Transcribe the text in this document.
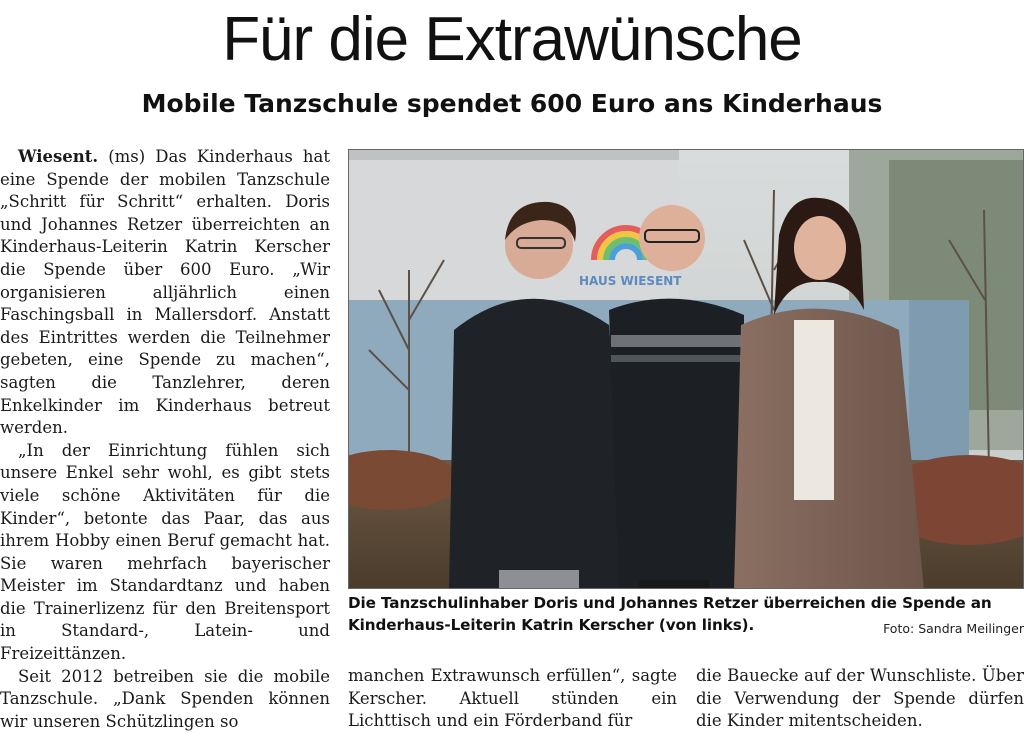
Für die Extrawünsche
Mobile Tanzschule spendet 600 Euro ans Kinderhaus

Wiesent. (ms) Das Kinderhaus hat eine Spende der mobilen Tanzschule „Schritt für Schritt“ erhalten. Doris und Johannes Retzer überreichten an Kinderhaus-Leiterin Katrin Kerscher die Spende über 600 Euro. „Wir organisieren alljährlich einen Faschingsball in Mallersdorf. Anstatt des Eintrittes werden die Teilnehmer gebeten, eine Spende zu machen“, sagten die Tanzlehrer, deren Enkelkinder im Kinderhaus betreut werden.

„In der Einrichtung fühlen sich unsere Enkel sehr wohl, es gibt stets viele schöne Aktivitäten für die Kinder“, betonte das Paar, das aus ihrem Hobby einen Beruf gemacht hat. Sie waren mehrfach bayerischer Meister im Standardtanz und haben die Trainerlizenz für den Breitensport in Standard-, Latein- und Freizeittänzen.

Seit 2012 betreiben sie die mobile Tanzschule. „Dank Spenden können wir unseren Schützlingen so

HAUS WIESENT
Die Tanzschulinhaber Doris und Johannes Retzer überreichen die Spende an Kinderhaus-Leiterin Katrin Kerscher (von links).	Foto: Sandra Meilinger

manchen Extrawunsch erfüllen“, sagte Kerscher. Aktuell stünden ein Lichttisch und ein Förderband für

die Bauecke auf der Wunschliste. Über die Verwendung der Spende dürfen die Kinder mitentscheiden.
